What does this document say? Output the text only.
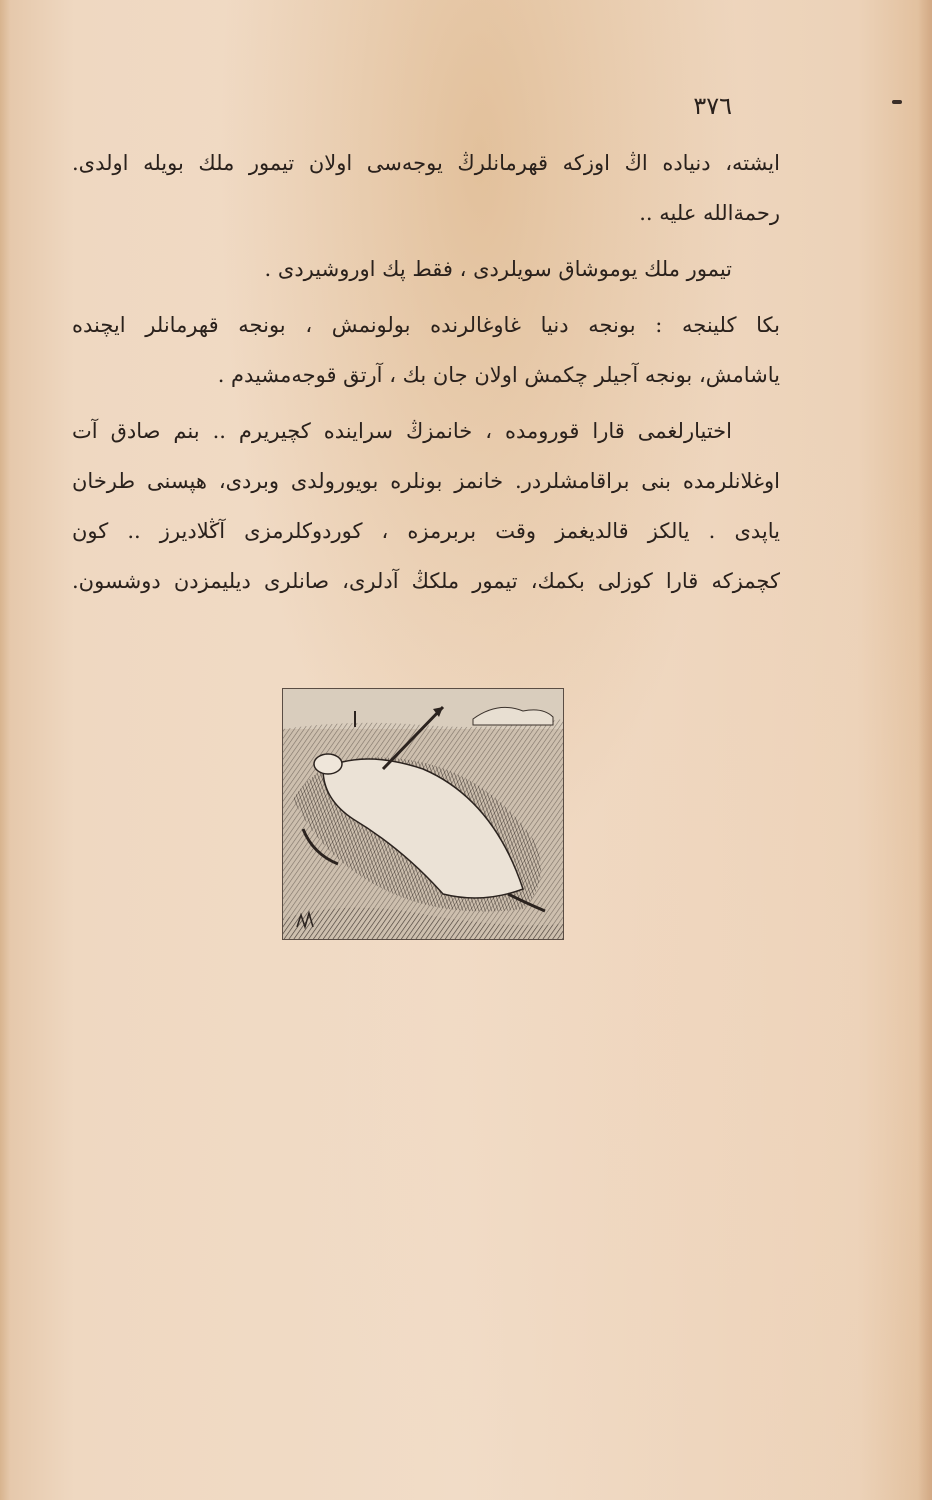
٣٧٦
ایشته، دنیاده اڭ اوزکه قهرمانلرڭ یوجه‌سی اولان تیمور ملك بویله اولدی.
رحمةالله علیه ..
تیمور ملك یوموشاق سویلردی ، فقط پك اوروشیردی .
بکا کلینجه : بونجه دنیا غاوغالرنده بولونمش ، بونجه قهرمانلر ایچنده
یاشامش، بونجه آجیلر چکمش اولان جان بك ، آرتق قوجه‌مشیدم .
اختیارلغمی قارا قورومده ، خانمزڭ سراینده کچیریرم .. بنم صادق آت
اوغلانلرمده بنی براقامشلردر. خانمز بونلره بویورولدی وبردی، هپسنی طرخان
یاپدی . یالکز قالدیغمز وقت بربرمزه ، کوردوکلرمزی آڭلادیرز .. کون
کچمزکه قارا کوزلی بکمك، تیمور ملکڭ آدلری، صانلری دیلیمزدن دوشسون.
